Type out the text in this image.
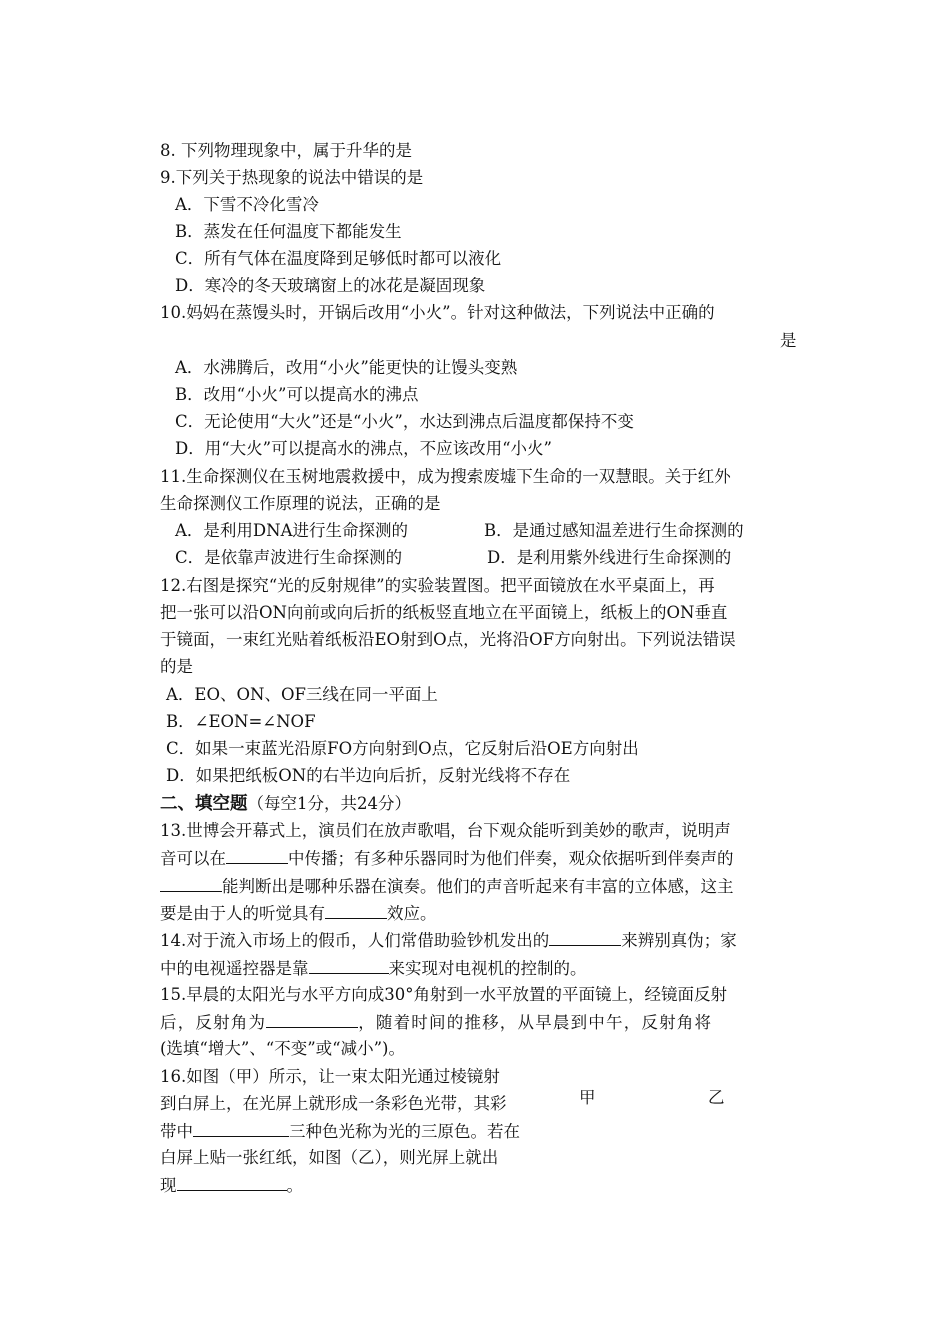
8. 下列物理现象中，属于升华的是
9.下列关于热现象的说法中错误的是
A．下雪不冷化雪冷
B．蒸发在任何温度下都能发生
C．所有气体在温度降到足够低时都可以液化
D．寒冷的冬天玻璃窗上的冰花是凝固现象
10.妈妈在蒸馒头时，开锅后改用“小火”。针对这种做法，下列说法中正确的
是
A．水沸腾后，改用“小火”能更快的让馒头变熟
B．改用“小火”可以提高水的沸点
C．无论使用“大火”还是“小火”，水达到沸点后温度都保持不变
D．用“大火”可以提高水的沸点，不应该改用“小火”
11.生命探测仪在玉树地震救援中，成为搜索废墟下生命的一双慧眼。关于红外
生命探测仪工作原理的说法，正确的是
A．是利用DNA进行生命探测的	B．是通过感知温差进行生命探测的
C．是依靠声波进行生命探测的	D．是利用紫外线进行生命探测的
12.右图是探究“光的反射规律”的实验装置图。把平面镜放在水平桌面上，再
把一张可以沿ON向前或向后折的纸板竖直地立在平面镜上，纸板上的ON垂直
于镜面，一束红光贴着纸板沿EO射到O点，光将沿OF方向射出。下列说法错误
的是
A．EO、ON、OF三线在同一平面上
B．∠EON=∠NOF
C．如果一束蓝光沿原FO方向射到O点，它反射后沿OE方向射出
D．如果把纸板ON的右半边向后折，反射光线将不存在
二、填空题（每空1分，共24分）
13.世博会开幕式上，演员们在放声歌唱，台下观众能听到美妙的歌声，说明声
音可以在	中传播；有多种乐器同时为他们伴奏，观众依据听到伴奏声的
能判断出是哪种乐器在演奏。他们的声音听起来有丰富的立体感，这主
要是由于人的听觉具有	效应。
14.对于流入市场上的假币，人们常借助验钞机发出的	来辨别真伪；家
中的电视遥控器是靠	来实现对电视机的控制的。
15.早晨的太阳光与水平方向成30°角射到一水平放置的平面镜上，经镜面反射
后，反射角为	，随着时间的推移，从早晨到中午，反射角将
(选填“增大”、“不变”或“减小”)。
16.如图（甲）所示，让一束太阳光通过棱镜射
到白屏上，在光屏上就形成一条彩色光带，其彩
带中	三种色光称为光的三原色。若在
白屏上贴一张红纸，如图（乙），则光屏上就出
现	。
甲	乙
